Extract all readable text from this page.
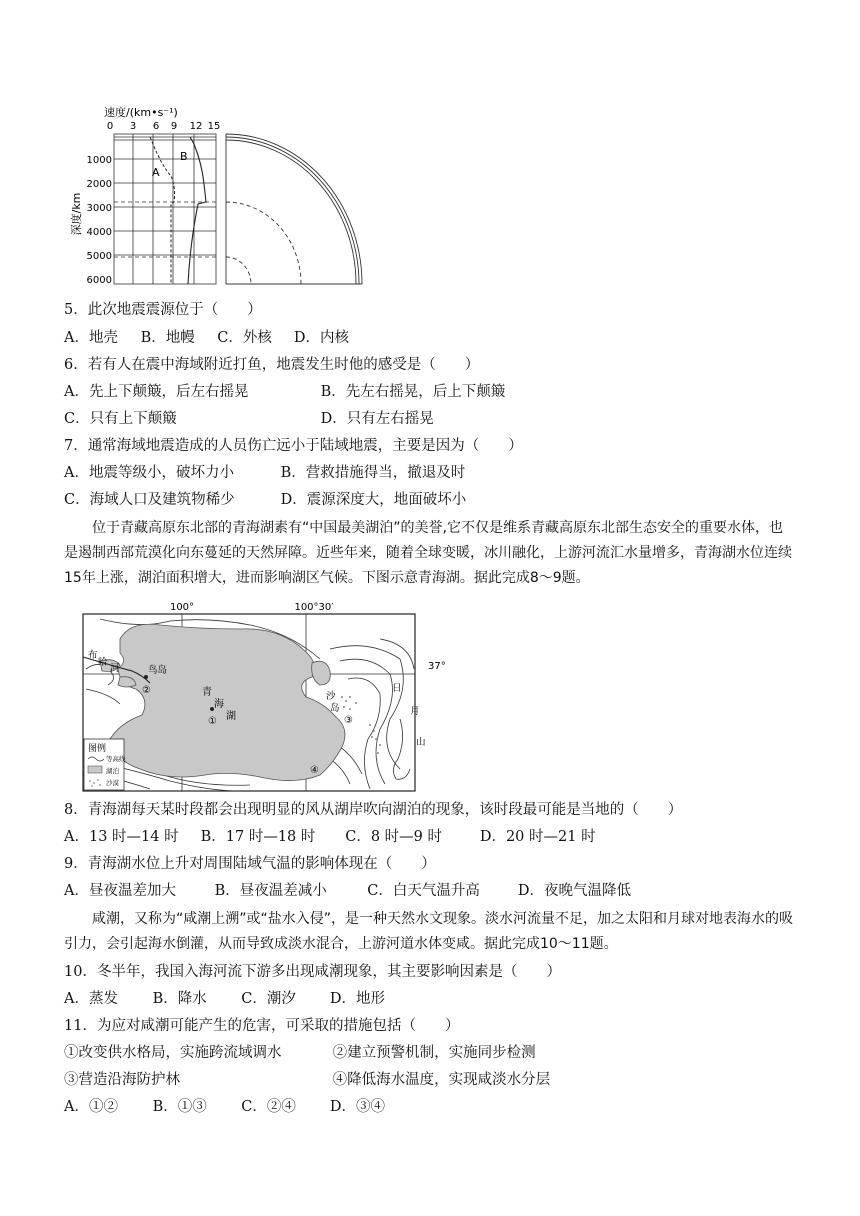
速度/(km•s⁻¹)
0 3 6 9 12 15
深度/km
1000
2000
3000
4000
5000
6000
A
B
5．此次地震震源位于（　　）
A．地壳 B．地幔 C．外核 D．内核
6．若有人在震中海域附近打鱼，地震发生时他的感受是（　　）
A．先上下颠簸，后左右摇晃	B．先左右摇晃，后上下颠簸
C．只有上下颠簸	D．只有左右摇晃
7．通常海域地震造成的人员伤亡远小于陆域地震，主要是因为（　　）
A．地震等级小，破坏力小	B．营救措施得当，撤退及时
C．海域人口及建筑物稀少	D．震源深度大，地面破坏小
位于青藏高原东北部的青海湖素有“中国最美湖泊”的美誉,它不仅是维系青藏高原东北部生态安全的重要水体，也是遏制西部荒漠化向东蔓延的天然屏障。近些年来，随着全球变暖，冰川融化，上游河流汇水量增多，青海湖水位连续15年上涨，湖泊面积增大，进而影响湖区气候。下图示意青海湖。据此完成8～9题。
100°	100°30′
布
哈
河	鸟岛
②	青
海
湖
①
沙
岛
③
④
日
月
山
37°
图例
等高线
湖泊
沙漠
8．青海湖每天某时段都会出现明显的风从湖岸吹向湖泊的现象，该时段最可能是当地的（　　）
A．13 时—14 时 B．17 时—18 时 C．8 时—9 时	D．20 时—21 时
9．青海湖水位上升对周围陆域气温的影响体现在（　　）
A．昼夜温差加大	B．昼夜温差减小	C．白天气温升高	D．夜晚气温降低
咸潮，又称为“咸潮上溯”或“盐水入侵”，是一种天然水文现象。淡水河流量不足，加之太阳和月球对地表海水的吸引力，会引起海水倒灌，从而导致成淡水混合，上游河道水体变咸。据此完成10～11题。
10．冬半年，我国入海河流下游多出现咸潮现象，其主要影响因素是（　　）
A．蒸发 B．降水 C．潮汐 D．地形
11．为应对咸潮可能产生的危害，可采取的措施包括（　　）
①改变供水格局，实施跨流域调水	②建立预警机制，实施同步检测
③营造沿海防护林	④降低海水温度，实现咸淡水分层
A．①② B．①③ C．②④ D．③④
